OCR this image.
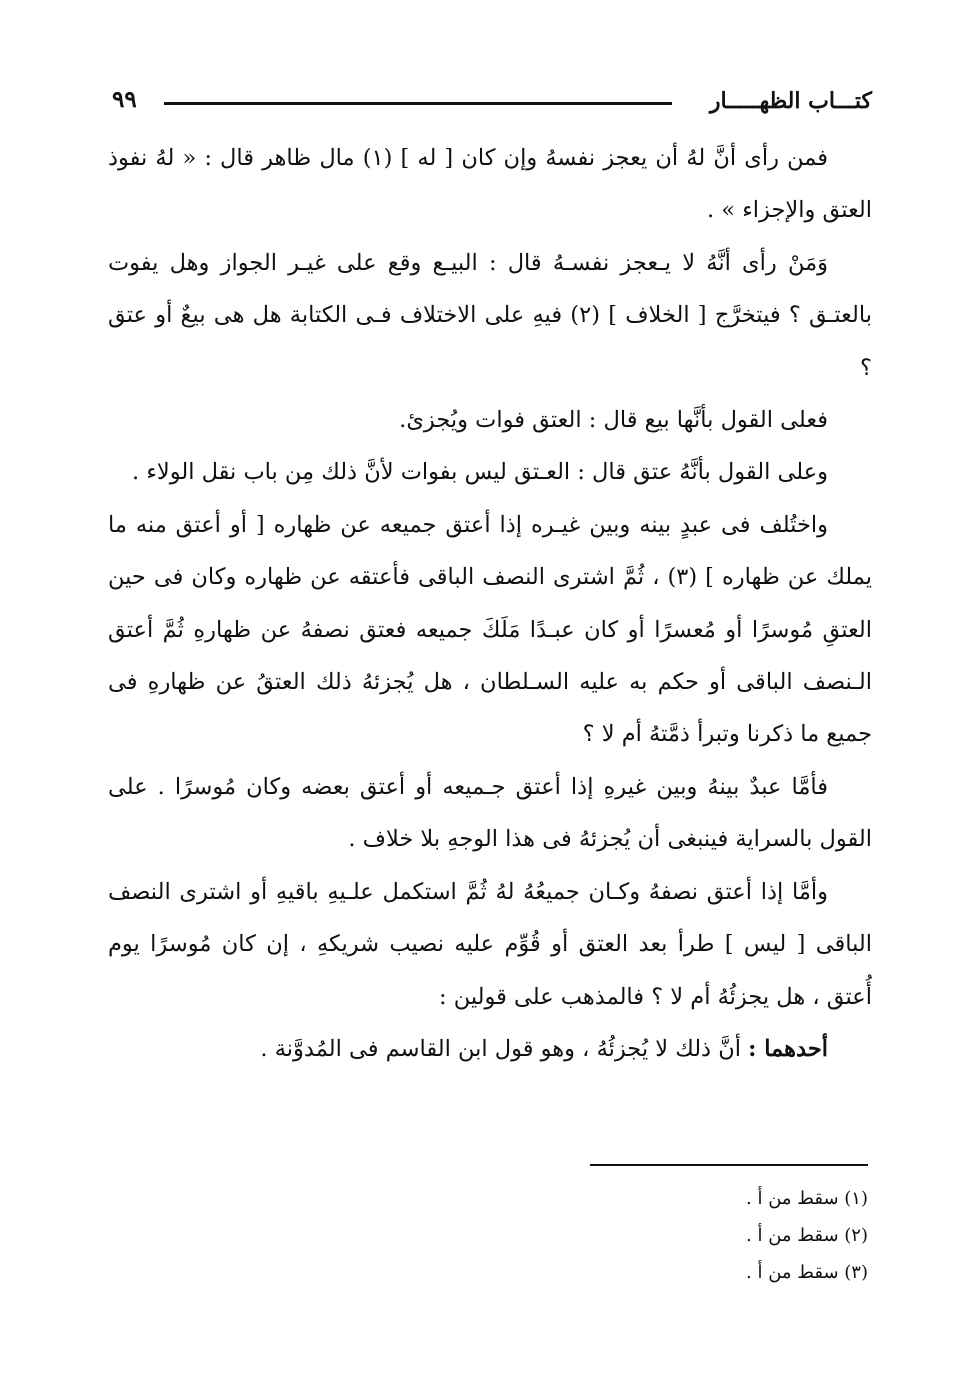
كتـــاب الظهـــــار
٩٩

فمن رأى أنَّ لهُ أن يعجز نفسهُ وإن كان [ له ] (١) مال ظاهر قال : « لهُ نفوذ العتق والإجزاء » .

وَمَنْ رأى أنَّهُ لا يـعجز نفسـهُ قال : البيـع وقع على غيـر الجواز وهل يفوت بالعتـق ؟ فيتخرَّج [ الخلاف ] (٢) فيهِ على الاختلاف فـى الكتابة هل هى بيعٌ أو عتق ؟

فعلى القول بأنَّها بيع قال : العتق فوات ويُجزئ.

وعلى القول بأنَّهُ عتق قال : العـتق ليس بفوات لأنَّ ذلك مِن باب نقل الولاء .

واختُلف فى عبدٍ بينه وبين غيـره إذا أعتق جميعه عن ظهاره [ أو أعتق منه ما يملك عن ظهاره ] (٣) ، ثُمَّ اشترى النصف الباقى فأعتقه عن ظهاره وكان فى حين العتقِ مُوسرًا أو مُعسرًا أو كان عبـدًا مَلَكَ جميعه فعتق نصفهُ عن ظهارهِ ثُمَّ أعتق الـنصف الباقى أو حكم به عليه السـلطان ، هل يُجزئهُ ذلك العتقُ عن ظهارهِ فى جميع ما ذكرنا وتبرأ ذمَّتهُ أم لا ؟

فأمَّا عبدٌ بينهُ وبين غيرهِ إذا أعتق جـميعه أو أعتق بعضه وكان مُوسرًا . على القول بالسراية فينبغى أن يُجزئهُ فى هذا الوجهِ بلا خلاف .

وأمَّا إذا أعتق نصفهُ وكـان جميعُهُ لهُ ثُمَّ استكمل علـيهِ باقيهِ أو اشترى النصف الباقى [ ليس ] طرأ بعد العتق أو قُوِّم عليه نصيب شريكهِ ، إن كان مُوسرًا يوم أُعتق ، هل يجزئُهُ أم لا ؟ فالمذهب على قولين :

أحدهما : أنَّ ذلك لا يُجزئُهُ ، وهو قول ابن القاسم فى المُدوَّنة .

(١) سقط من أ .

(٢) سقط من أ .

(٣) سقط من أ .
